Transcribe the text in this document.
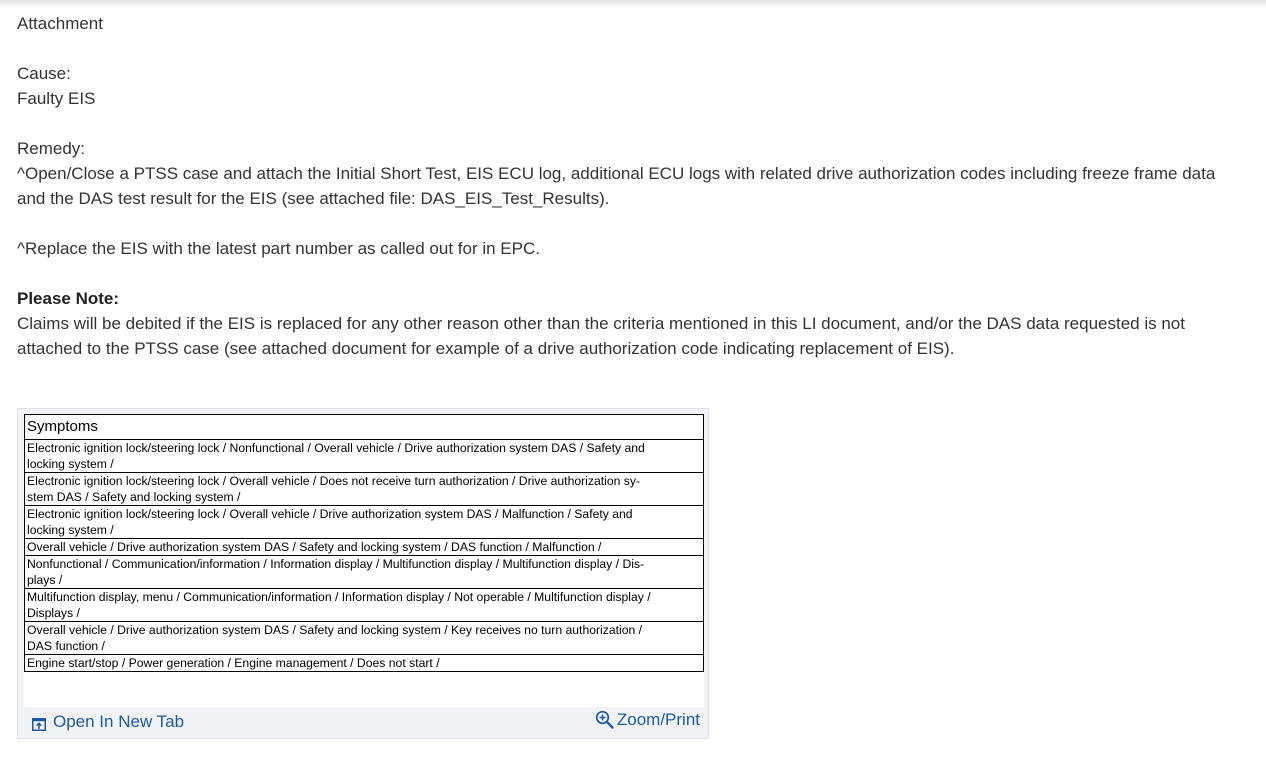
Attachment

Cause:

Faulty EIS

Remedy:

^Open/Close a PTSS case and attach the Initial Short Test, EIS ECU log, additional ECU logs with related drive authorization codes including freeze frame data and the DAS test result for the EIS (see attached file: DAS_EIS_Test_Results).

^Replace the EIS with the latest part number as called out for in EPC.

Please Note:

Claims will be debited if the EIS is replaced for any other reason other than the criteria mentioned in this LI document, and/or the DAS data requested is not attached to the PTSS case (see attached document for example of a drive authorization code indicating replacement of EIS).

Symptoms
Electronic ignition lock/steering lock / Nonfunctional / Overall vehicle / Drive authorization system DAS / Safety and
locking system /
Electronic ignition lock/steering lock / Overall vehicle / Does not receive turn authorization / Drive authorization sy-
stem DAS / Safety and locking system /
Electronic ignition lock/steering lock / Overall vehicle / Drive authorization system DAS / Malfunction / Safety and
locking system /
Overall vehicle / Drive authorization system DAS / Safety and locking system / DAS function / Malfunction /
Nonfunctional / Communication/information / Information display / Multifunction display / Multifunction display / Dis-
plays /
Multifunction display, menu / Communication/information / Information display / Not operable / Multifunction display /
Displays /
Overall vehicle / Drive authorization system DAS / Safety and locking system / Key receives no turn authorization /
DAS function /
Engine start/stop / Power generation / Engine management / Does not start /
Open In New Tab	Zoom/Print
